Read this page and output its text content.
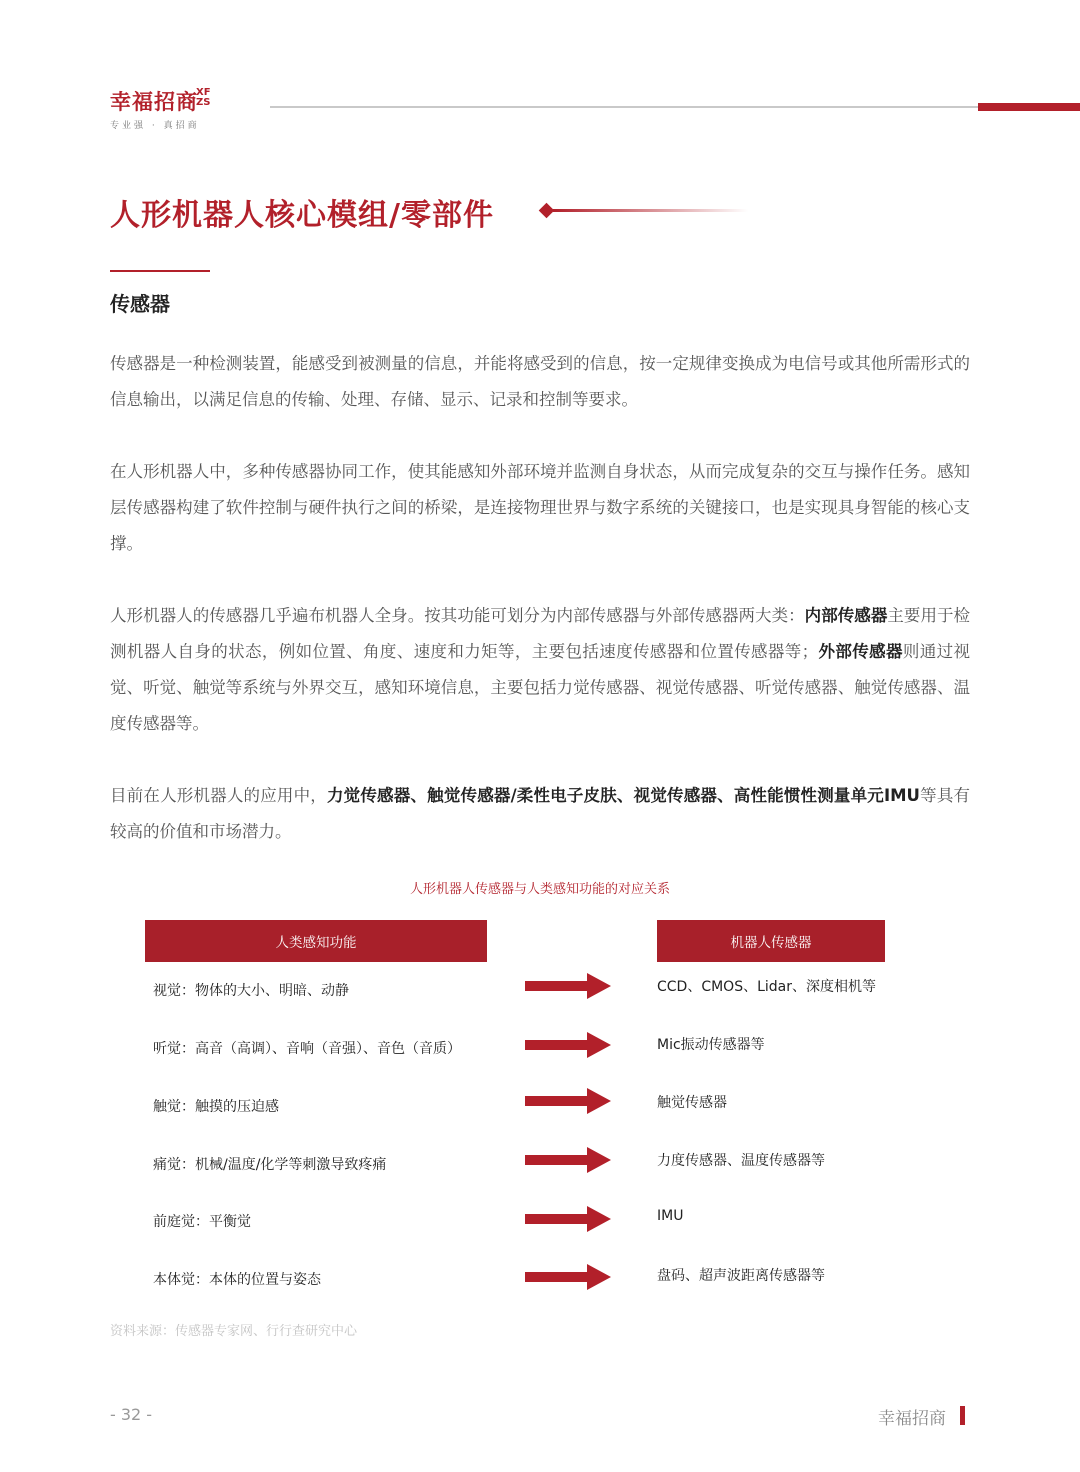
幸福招商
XF ZS
专业强 · 真招商
人形机器人核心模组/零部件
传感器

传感器是一种检测装置，能感受到被测量的信息，并能将感受到的信息，按一定规律变换成为电信号或其他所需形式的信息输出，以满足信息的传输、处理、存储、显示、记录和控制等要求。

在人形机器人中，多种传感器协同工作，使其能感知外部环境并监测自身状态，从而完成复杂的交互与操作任务。感知层传感器构建了软件控制与硬件执行之间的桥梁，是连接物理世界与数字系统的关键接口，也是实现具身智能的核心支撑。

人形机器人的传感器几乎遍布机器人全身。按其功能可划分为内部传感器与外部传感器两大类：内部传感器主要用于检测机器人自身的状态，例如位置、角度、速度和力矩等，主要包括速度传感器和位置传感器等；外部传感器则通过视觉、听觉、触觉等系统与外界交互，感知环境信息，主要包括力觉传感器、视觉传感器、听觉传感器、触觉传感器、温度传感器等。

目前在人形机器人的应用中，力觉传感器、触觉传感器/柔性电子皮肤、视觉传感器、高性能惯性测量单元IMU等具有较高的价值和市场潜力。

人形机器人传感器与人类感知功能的对应关系
人类感知功能	机器人传感器
视觉：物体的大小、明暗、动静	CCD、CMOS、Lidar、深度相机等
听觉：高音（高调）、音响（音强）、音色（音质）	Mic振动传感器等
触觉：触摸的压迫感	触觉传感器
痛觉：机械/温度/化学等刺激导致疼痛	力度传感器、温度传感器等
前庭觉：平衡觉	IMU
本体觉：本体的位置与姿态	盘码、超声波距离传感器等
资料来源：传感器专家网、行行查研究中心
- 32 -	幸福招商
